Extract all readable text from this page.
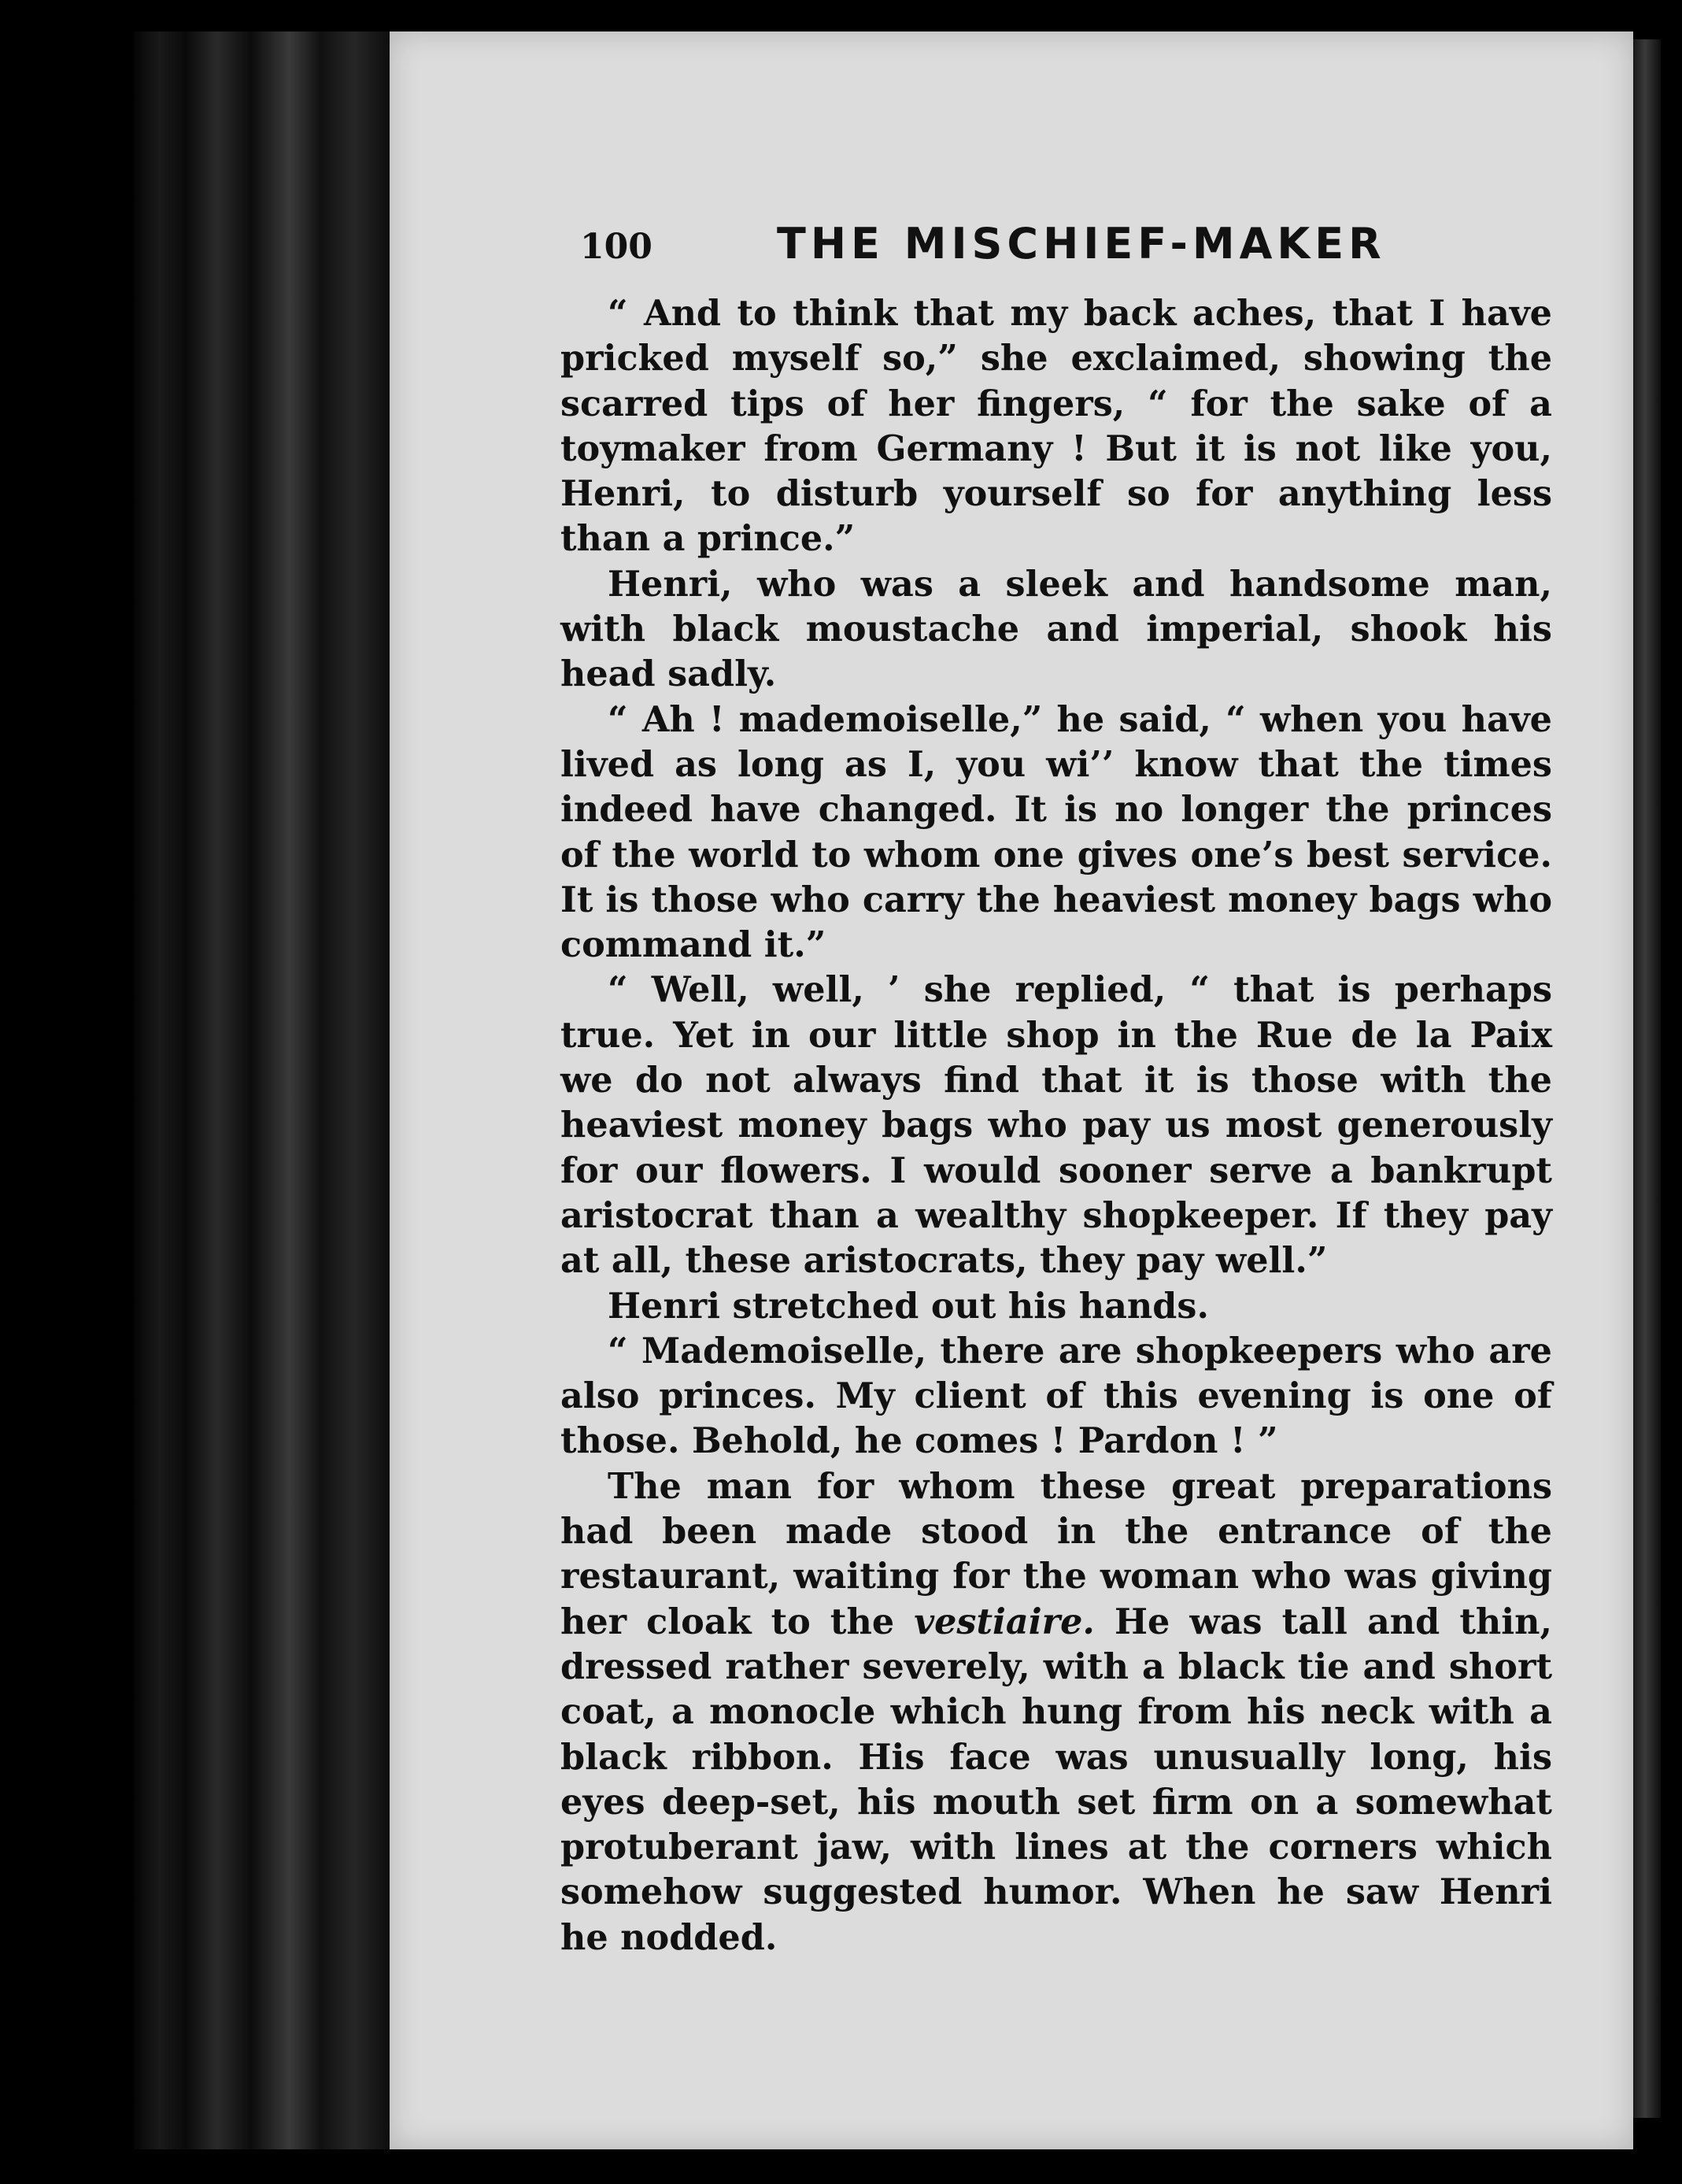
100	THE MISCHIEF-MAKER

“ And to think that my back aches, that I have pricked myself so,” she exclaimed, showing the scarred tips of her fingers, “ for the sake of a toymaker from Germany ! But it is not like you, Henri, to disturb yourself so for anything less than a prince.”

Henri, who was a sleek and handsome man, with black moustache and imperial, shook his head sadly.

“ Ah ! mademoiselle,” he said, “ when you have lived as long as I, you wi’’ know that the times indeed have changed. It is no longer the princes of the world to whom one gives one’s best service. It is those who carry the heaviest money bags who command it.”

“ Well, well, ’ she replied, “ that is perhaps true. Yet in our little shop in the Rue de la Paix we do not always find that it is those with the heaviest money bags who pay us most generously for our flowers. I would sooner serve a bankrupt aristocrat than a wealthy shopkeeper. If they pay at all, these aristocrats, they pay well.”

Henri stretched out his hands.

“ Mademoiselle, there are shopkeepers who are also princes. My client of this evening is one of those. Behold, he comes ! Pardon ! ”

The man for whom these great preparations had been made stood in the entrance of the restaurant, waiting for the woman who was giving her cloak to the vestiaire. He was tall and thin, dressed rather severely, with a black tie and short coat, a monocle which hung from his neck with a black ribbon. His face was unusually long, his eyes deep-set, his mouth set firm on a somewhat protuberant jaw, with lines at the corners which somehow suggested humor. When he saw Henri he nodded.
